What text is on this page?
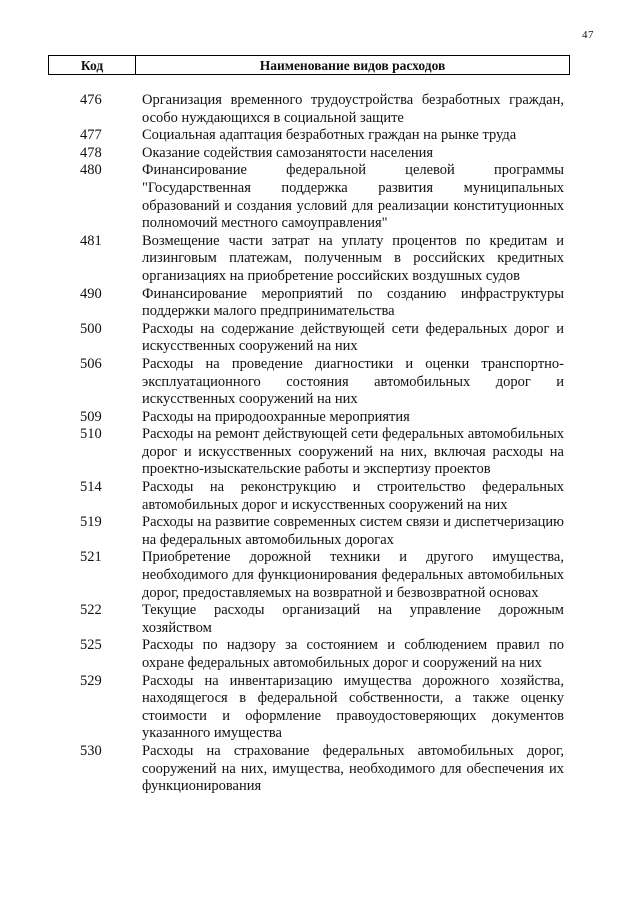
47
Код	Наименование видов расходов
476	Организация временного трудоустройства безработных граждан, особо нуждающихся в социальной защите
477	Социальная адаптация безработных граждан на рынке труда
478	Оказание содействия самозанятости населения
480	Финансирование федеральной целевой программы "Государственная поддержка развития муниципальных образований и создания условий для реализации конституционных полномочий местного самоуправления"
481	Возмещение части затрат на уплату процентов по кредитам и лизинговым платежам, полученным в российских кредитных организациях на приобретение российских воздушных судов
490	Финансирование мероприятий по созданию инфраструктуры поддержки малого предпринимательства
500	Расходы на содержание действующей сети федеральных дорог и искусственных сооружений на них
506	Расходы на проведение диагностики и оценки транспортно-эксплуатационного состояния автомобильных дорог и искусственных сооружений на них
509	Расходы на природоохранные мероприятия
510	Расходы на ремонт действующей сети федеральных автомобильных дорог и искусственных сооружений на них, включая расходы на проектно-изыскательские работы и экспертизу проектов
514	Расходы на реконструкцию и строительство федеральных автомобильных дорог и искусственных сооружений на них
519	Расходы на развитие современных систем связи и диспетчеризацию на федеральных автомобильных дорогах
521	Приобретение дорожной техники и другого имущества, необходимого для функционирования федеральных автомобильных дорог, предоставляемых на возвратной и безвозвратной основах
522	Текущие расходы организаций на управление дорожным хозяйством
525	Расходы по надзору за состоянием и соблюдением правил по охране федеральных автомобильных дорог и сооружений на них
529	Расходы на инвентаризацию имущества дорожного хозяйства, находящегося в федеральной собственности, а также оценку стоимости и оформление правоудостоверяющих документов указанного имущества
530	Расходы на страхование федеральных автомобильных дорог, сооружений на них, имущества, необходимого для обеспечения их функционирования
